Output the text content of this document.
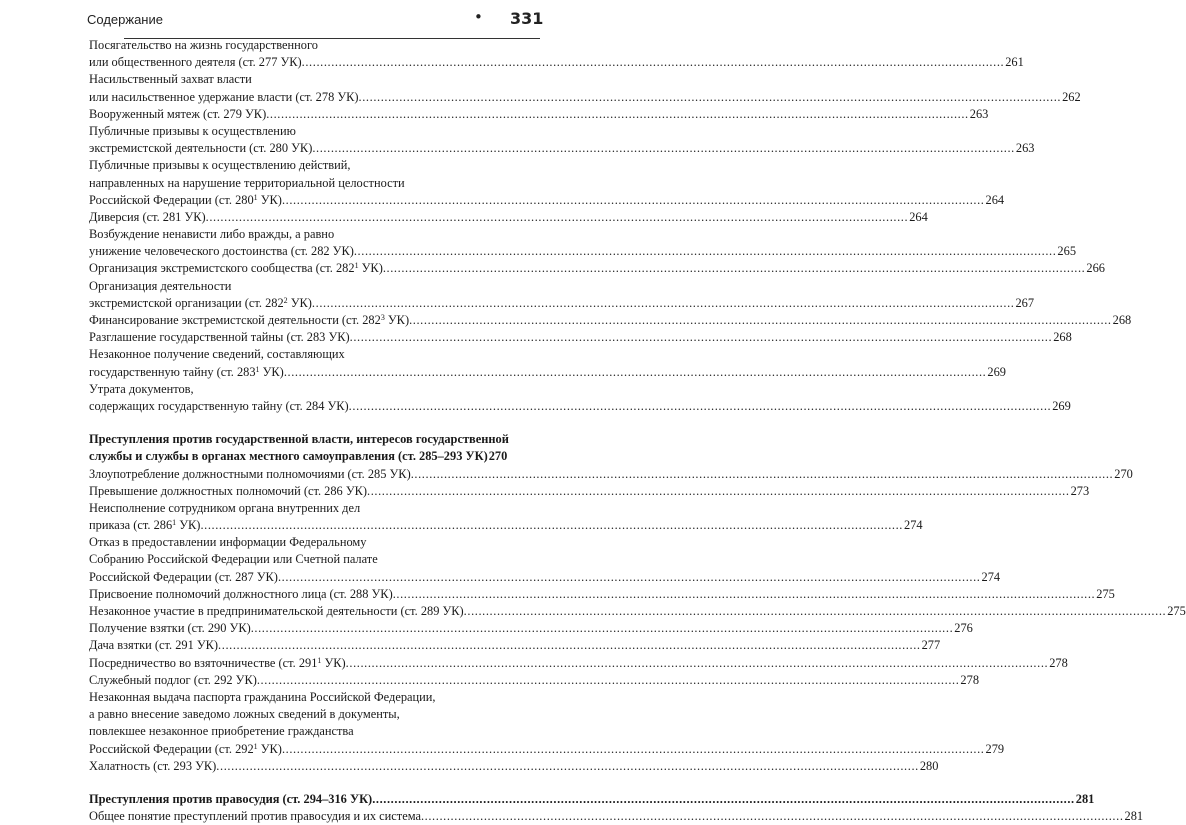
Содержание	• 331
Посягательство на жизнь государственного
или общественного деятеля (ст. 277 УК) .....	261
Насильственный захват власти
или насильственное удержание власти (ст. 278 УК) .....	262
Вооруженный мятеж (ст. 279 УК) .....	263
Публичные призывы к осуществлению
экстремистской деятельности (ст. 280 УК) .....	263
Публичные призывы к осуществлению действий,
направленных на нарушение территориальной целостности
Российской Федерации (ст. $280^1$ УК) .....	264
Диверсия (ст. 281 УК) .....	264
Возбуждение ненависти либо вражды, а равно
унижение человеческого достоинства (ст. 282 УК) .....	265
Организация экстремистского сообщества (ст. $282^1$ УК) .....	266
Организация деятельности
экстремистской организации (ст. $282^2$ УК) .....	267
Финансирование экстремистской деятельности (ст. $282^3$ УК) .....	268
Разглашение государственной тайны (ст. 283 УК) .....	268
Незаконное получение сведений, составляющих
государственную тайну (ст. $283^1$ УК) .....	269
Утрата документов,
содержащих государственную тайну (ст. 284 УК) .....	269
Преступления против государственной власти, интересов государственной
службы и службы в органах местного самоуправления (ст. 285–293 УК) 270
Злоупотребление должностными полномочиями (ст. 285 УК) .....	270
Превышение должностных полномочий (ст. 286 УК) .....	273
Неисполнение сотрудником органа внутренних дел
приказа (ст. $286^1$ УК) .....	274
Отказ в предоставлении информации Федеральному
Собранию Российской Федерации или Счетной палате
Российской Федерации (ст. 287 УК) .....	274
Присвоение полномочий должностного лица (ст. 288 УК) .....	275
Незаконное участие в предпринимательской деятельности (ст. 289 УК) .....	275
Получение взятки (ст. 290 УК) .....	276
Дача взятки (ст. 291 УК) .....	277
Посредничество во взяточничестве (ст. $291^1$ УК) .....	278
Служебный подлог (ст. 292 УК) .....	278
Незаконная выдача паспорта гражданина Российской Федерации,
а равно внесение заведомо ложных сведений в документы,
повлекшее незаконное приобретение гражданства
Российской Федерации (ст. $292^1$ УК) .....	279
Халатность (ст. 293 УК) .....	280
Преступления против правосудия (ст. 294–316 УК) .....	281
Общее понятие преступлений против правосудия и их система .....	281
